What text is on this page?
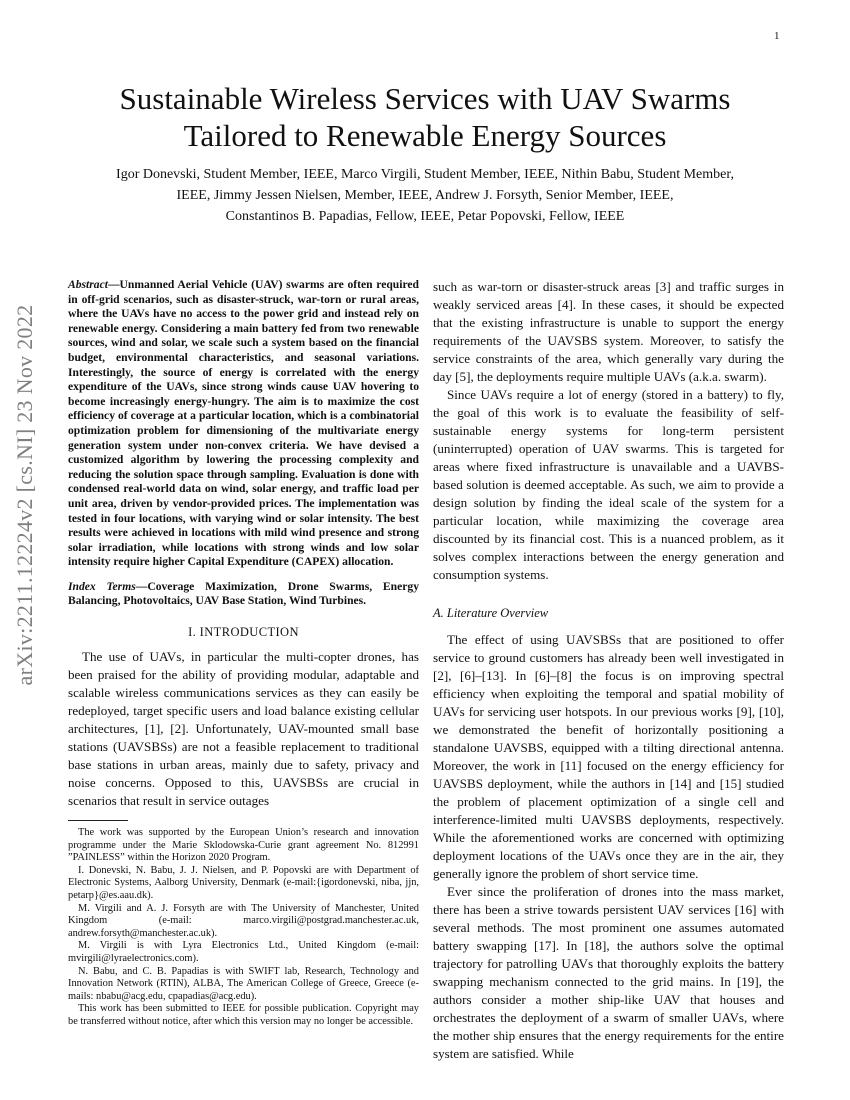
1
arXiv:2211.12224v2 [cs.NI] 23 Nov 2022
Sustainable Wireless Services with UAV Swarms
Tailored to Renewable Energy Sources
Igor Donevski, Student Member, IEEE, Marco Virgili, Student Member, IEEE, Nithin Babu, Student Member,
IEEE, Jimmy Jessen Nielsen, Member, IEEE, Andrew J. Forsyth, Senior Member, IEEE,
Constantinos B. Papadias, Fellow, IEEE, Petar Popovski, Fellow, IEEE

Abstract—Unmanned Aerial Vehicle (UAV) swarms are often required in off-grid scenarios, such as disaster-struck, war-torn or rural areas, where the UAVs have no access to the power grid and instead rely on renewable energy. Considering a main battery fed from two renewable sources, wind and solar, we scale such a system based on the financial budget, environmental characteristics, and seasonal variations. Interestingly, the source of energy is correlated with the energy expenditure of the UAVs, since strong winds cause UAV hovering to become increasingly energy-hungry. The aim is to maximize the cost efficiency of coverage at a particular location, which is a combinatorial optimization problem for dimensioning of the multivariate energy generation system under non-convex criteria. We have devised a customized algorithm by lowering the processing complexity and reducing the solution space through sampling. Evaluation is done with condensed real-world data on wind, solar energy, and traffic load per unit area, driven by vendor-provided prices. The implementation was tested in four locations, with varying wind or solar intensity. The best results were achieved in locations with mild wind presence and strong solar irradiation, while locations with strong winds and low solar intensity require higher Capital Expenditure (CAPEX) allocation.

Index Terms—Coverage Maximization, Drone Swarms, Energy Balancing, Photovoltaics, UAV Base Station, Wind Turbines.

I. INTRODUCTION

The use of UAVs, in particular the multi-copter drones, has been praised for the ability of providing modular, adaptable and scalable wireless communications services as they can easily be redeployed, target specific users and load balance existing cellular architectures, [1], [2]. Unfortunately, UAV-mounted small base stations (UAVSBSs) are not a feasible replacement to traditional base stations in urban areas, mainly due to safety, privacy and noise concerns. Opposed to this, UAVSBSs are crucial in scenarios that result in service outages

The work was supported by the European Union’s research and innovation programme under the Marie Sklodowska-Curie grant agreement No. 812991 ”PAINLESS” within the Horizon 2020 Program.

I. Donevski, N. Babu, J. J. Nielsen, and P. Popovski are with Department of Electronic Systems, Aalborg University, Denmark (e-mail:{igordonevski, niba, jjn, petarp}@es.aau.dk).

M. Virgili and A. J. Forsyth are with The University of Manchester, United Kingdom (e-mail: marco.virgili@postgrad.manchester.ac.uk, andrew.forsyth@manchester.ac.uk).

M. Virgili is with Lyra Electronics Ltd., United Kingdom (e-mail: mvirgili@lyraelectronics.com).

N. Babu, and C. B. Papadias is with SWIFT lab, Research, Technology and Innovation Network (RTIN), ALBA, The American College of Greece, Greece (e-mails: nbabu@acg.edu, cpapadias@acg.edu).

This work has been submitted to IEEE for possible publication. Copyright may be transferred without notice, after which this version may no longer be accessible.

such as war-torn or disaster-struck areas [3] and traffic surges in weakly serviced areas [4]. In these cases, it should be expected that the existing infrastructure is unable to support the energy requirements of the UAVSBS system. Moreover, to satisfy the service constraints of the area, which generally vary during the day [5], the deployments require multiple UAVs (a.k.a. swarm).

Since UAVs require a lot of energy (stored in a battery) to fly, the goal of this work is to evaluate the feasibility of self-sustainable energy systems for long-term persistent (uninterrupted) operation of UAV swarms. This is targeted for areas where fixed infrastructure is unavailable and a UAVBS-based solution is deemed acceptable. As such, we aim to provide a design solution by finding the ideal scale of the system for a particular location, while maximizing the coverage area discounted by its financial cost. This is a nuanced problem, as it solves complex interactions between the energy generation and consumption systems.

A. Literature Overview

The effect of using UAVSBSs that are positioned to offer service to ground customers has already been well investigated in [2], [6]–[13]. In [6]–[8] the focus is on improving spectral efficiency when exploiting the temporal and spatial mobility of UAVs for servicing user hotspots. In our previous works [9], [10], we demonstrated the benefit of horizontally positioning a standalone UAVSBS, equipped with a tilting directional antenna. Moreover, the work in [11] focused on the energy efficiency for UAVSBS deployment, while the authors in [14] and [15] studied the problem of placement optimization of a single cell and interference-limited multi UAVSBS deployments, respectively. While the aforementioned works are concerned with optimizing deployment locations of the UAVs once they are in the air, they generally ignore the problem of short service time.

Ever since the proliferation of drones into the mass market, there has been a strive towards persistent UAV services [16] with several methods. The most prominent one assumes automated battery swapping [17]. In [18], the authors solve the optimal trajectory for patrolling UAVs that thoroughly exploits the battery swapping mechanism connected to the grid mains. In [19], the authors consider a mother ship-like UAV that houses and orchestrates the deployment of a swarm of smaller UAVs, where the mother ship ensures that the energy requirements for the entire system are satisfied. While
